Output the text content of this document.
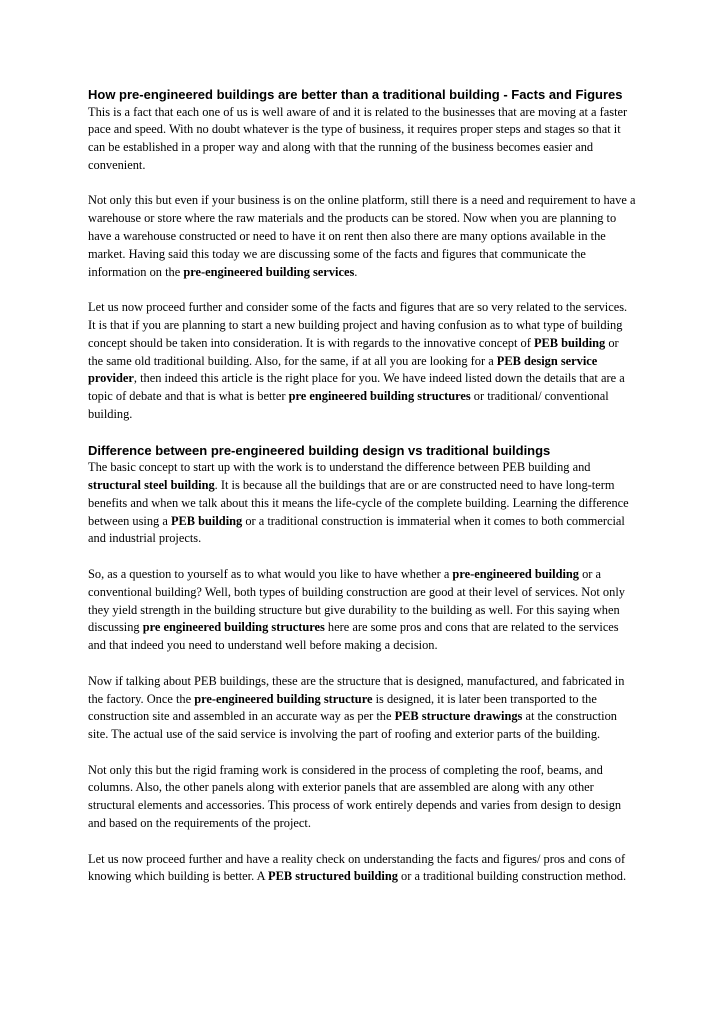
How pre-engineered buildings are better than a traditional building - Facts and Figures

This is a fact that each one of us is well aware of and it is related to the businesses that are moving at a faster pace and speed. With no doubt whatever is the type of business, it requires proper steps and stages so that it can be established in a proper way and along with that the running of the business becomes easier and convenient.

Not only this but even if your business is on the online platform, still there is a need and requirement to have a warehouse or store where the raw materials and the products can be stored. Now when you are planning to have a warehouse constructed or need to have it on rent then also there are many options available in the market. Having said this today we are discussing some of the facts and figures that communicate the information on the pre-engineered building services.

Let us now proceed further and consider some of the facts and figures that are so very related to the services. It is that if you are planning to start a new building project and having confusion as to what type of building concept should be taken into consideration. It is with regards to the innovative concept of PEB building or the same old traditional building. Also, for the same, if at all you are looking for a PEB design service provider, then indeed this article is the right place for you. We have indeed listed down the details that are a topic of debate and that is what is better pre engineered building structures or traditional/ conventional building.

Difference between pre-engineered building design vs traditional buildings

The basic concept to start up with the work is to understand the difference between PEB building and structural steel building. It is because all the buildings that are or are constructed need to have long-term benefits and when we talk about this it means the life-cycle of the complete building. Learning the difference between using a PEB building or a traditional construction is immaterial when it comes to both commercial and industrial projects.

So, as a question to yourself as to what would you like to have whether a pre-engineered building or a conventional building? Well, both types of building construction are good at their level of services. Not only they yield strength in the building structure but give durability to the building as well. For this saying when discussing pre engineered building structures here are some pros and cons that are related to the services and that indeed you need to understand well before making a decision.

Now if talking about PEB buildings, these are the structure that is designed, manufactured, and fabricated in the factory. Once the pre-engineered building structure is designed, it is later been transported to the construction site and assembled in an accurate way as per the PEB structure drawings at the construction site. The actual use of the said service is involving the part of roofing and exterior parts of the building.

Not only this but the rigid framing work is considered in the process of completing the roof, beams, and columns. Also, the other panels along with exterior panels that are assembled are along with any other structural elements and accessories. This process of work entirely depends and varies from design to design and based on the requirements of the project.

Let us now proceed further and have a reality check on understanding the facts and figures/ pros and cons of knowing which building is better. A PEB structured building or a traditional building construction method.
